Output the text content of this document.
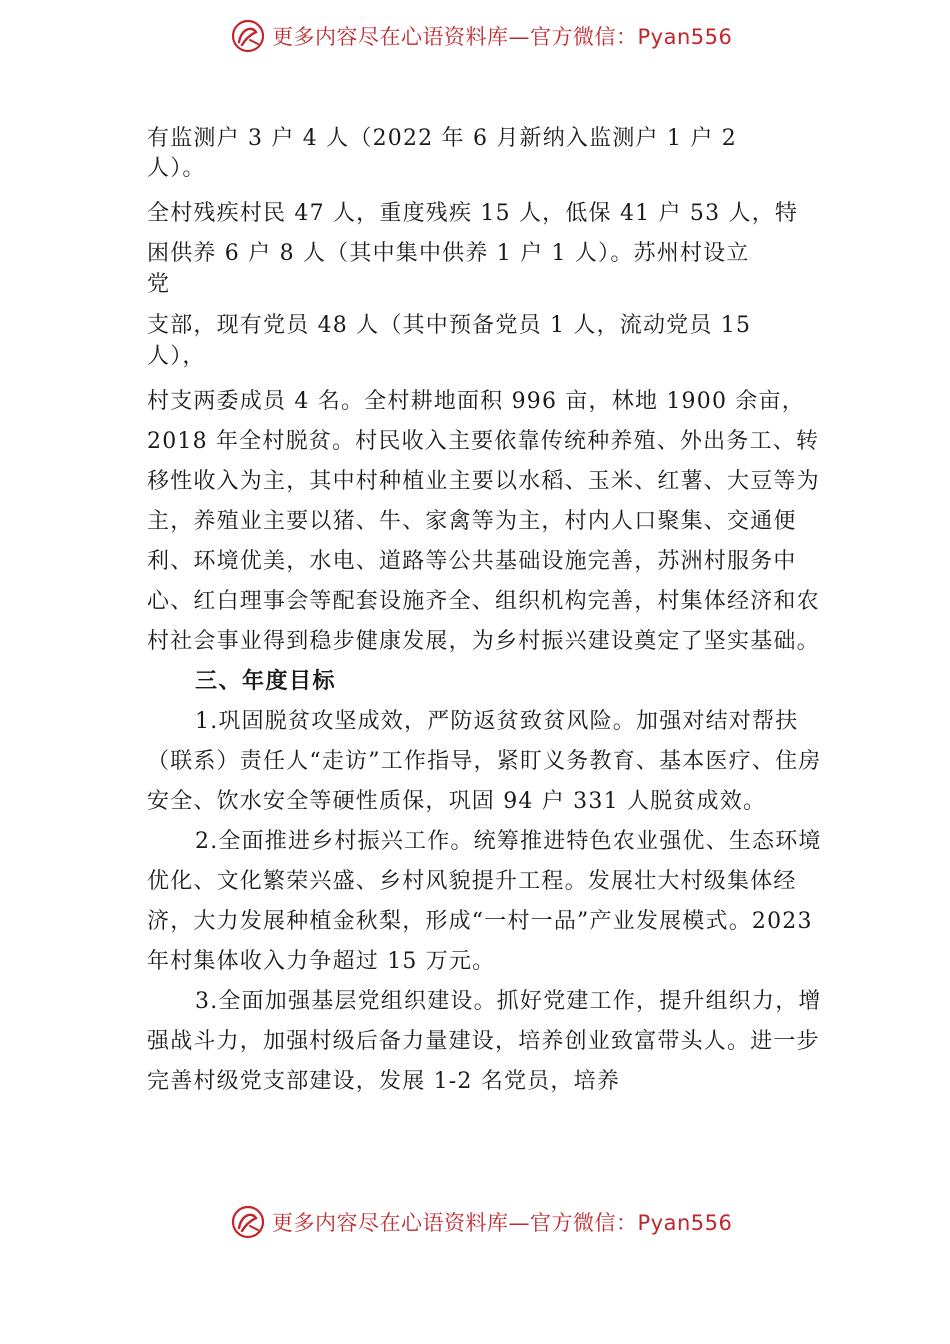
更多内容尽在心语资料库—官方微信：Pyan556

有监测户 3 户 4 人（2022 年 6 月新纳入监测户 1 户 2

人）。

全村残疾村民 47 人，重度残疾 15 人，低保 41 户 53 人，特

困供养 6 户 8 人（其中集中供养 1 户 1 人）。苏州村设立

党

支部，现有党员 48 人（其中预备党员 1 人，流动党员 15

人），

村支两委成员 4 名。全村耕地面积 996 亩，林地 1900 余亩，2018 年全村脱贫。村民收入主要依靠传统种养殖、外出务工、转移性收入为主，其中村种植业主要以水稻、玉米、红薯、大豆等为主，养殖业主要以猪、牛、家禽等为主，村内人口聚集、交通便利、环境优美，水电、道路等公共基础设施完善，苏洲村服务中心、红白理事会等配套设施齐全、组织机构完善，村集体经济和农村社会事业得到稳步健康发展，为乡村振兴建设奠定了坚实基础。

三、年度目标

1.巩固脱贫攻坚成效，严防返贫致贫风险。加强对结对帮扶（联系）责任人“走访”工作指导，紧盯义务教育、基本医疗、住房安全、饮水安全等硬性质保，巩固 94 户 331 人脱贫成效。

2.全面推进乡村振兴工作。统筹推进特色农业强优、生态环境优化、文化繁荣兴盛、乡村风貌提升工程。发展壮大村级集体经济，大力发展种植金秋梨，形成“一村一品”产业发展模式。2023 年村集体收入力争超过 15 万元。

3.全面加强基层党组织建设。抓好党建工作，提升组织力，增强战斗力，加强村级后备力量建设，培养创业致富带头人。进一步完善村级党支部建设，发展 1-2 名党员，培养

更多内容尽在心语资料库—官方微信：Pyan556
